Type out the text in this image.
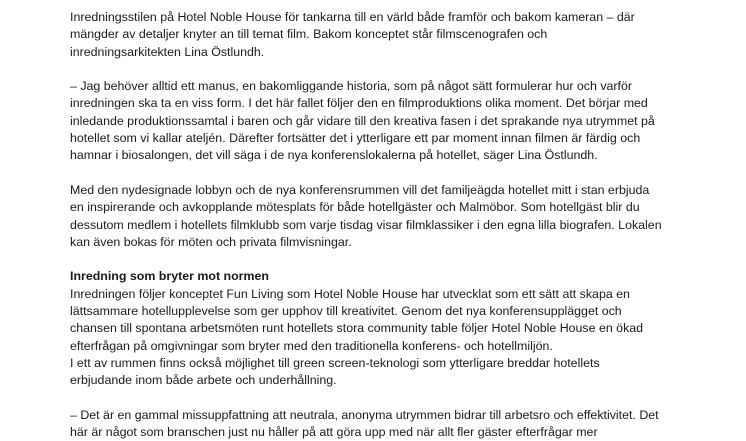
Inredningsstilen på Hotel Noble House för tankarna till en värld både framför och bakom kameran – där
mängder av detaljer knyter an till temat film. Bakom konceptet står filmscenografen och
inredningsarkitekten Lina Östlundh.

– Jag behöver alltid ett manus, en bakomliggande historia, som på något sätt formulerar hur och varför
inredningen ska ta en viss form. I det här fallet följer den en filmproduktions olika moment. Det börjar med
inledande produktionssamtal i baren och går vidare till den kreativa fasen i det sprakande nya utrymmet på
hotellet som vi kallar ateljén. Därefter fortsätter det i ytterligare ett par moment innan filmen är färdig och
hamnar i biosalongen, det vill säga i de nya konferenslokalerna på hotellet, säger Lina Östlundh.

Med den nydesignade lobbyn och de nya konferensrummen vill det familjeägda hotellet mitt i stan erbjuda
en inspirerande och avkopplande mötesplats för både hotellgäster och Malmöbor. Som hotellgäst blir du
dessutom medlem i hotellets filmklubb som varje tisdag visar filmklassiker i den egna lilla biografen. Lokalen
kan även bokas för möten och privata filmvisningar.

Inredning som bryter mot normen

Inredningen följer konceptet Fun Living som Hotel Noble House har utvecklat som ett sätt att skapa en
lättsammare hotellupplevelse som ger upphov till kreativitet. Genom det nya konferensupplägget och
chansen till spontana arbetsmöten runt hotellets stora community table följer Hotel Noble House en ökad
efterfrågan på omgivningar som bryter med den traditionella konferens- och hotellmiljön.
I ett av rummen finns också möjlighet till green screen-teknologi som ytterligare breddar hotellets
erbjudande inom både arbete och underhållning.

– Det är en gammal missuppfattning att neutrala, anonyma utrymmen bidrar till arbetsro och effektivitet. Det
här är något som branschen just nu håller på att göra upp med när allt fler gäster efterfrågar mer
